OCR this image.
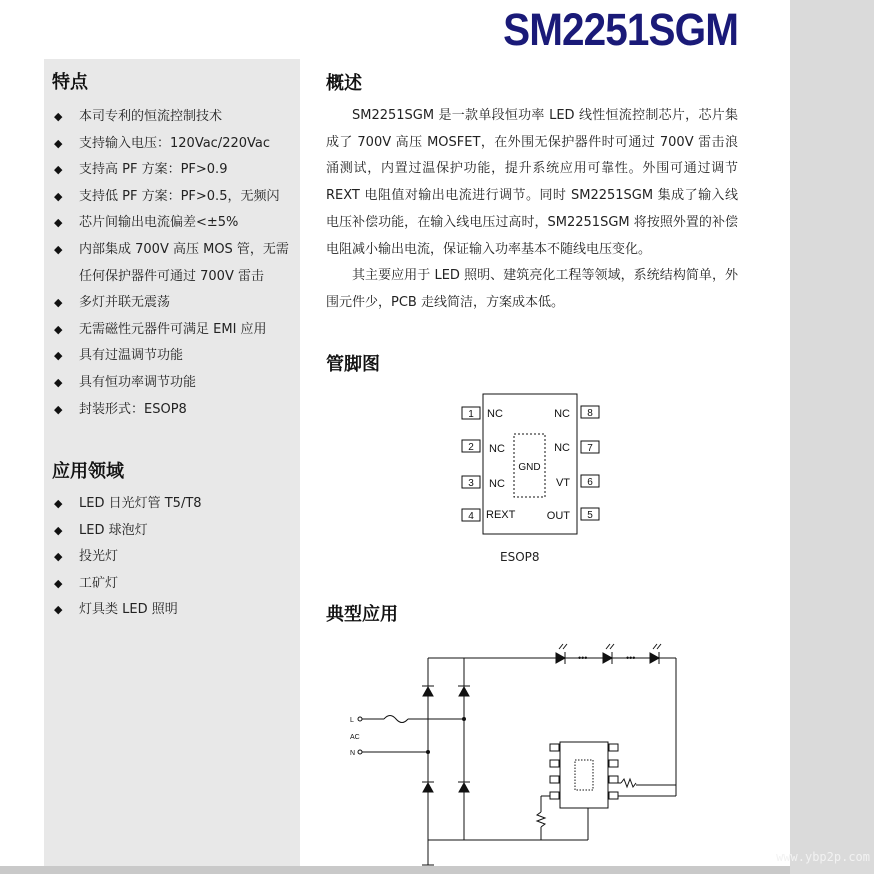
SM2251SGM
特点
◆ 本司专利的恒流控制技术
◆ 支持输入电压：120Vac/220Vac
◆ 支持高 PF 方案：PF>0.9
◆ 支持低 PF 方案：PF>0.5，无频闪
◆ 芯片间输出电流偏差<±5%
◆ 内部集成 700V 高压 MOS 管，无需任何保护器件可通过 700V 雷击
◆ 多灯并联无震荡
◆ 无需磁性元器件可满足 EMI 应用
◆ 具有过温调节功能
◆ 具有恒功率调节功能
◆ 封装形式：ESOP8
应用领域
◆ LED 日光灯管 T5/T8
◆ LED 球泡灯
◆ 投光灯
◆ 工矿灯
◆ 灯具类 LED 照明
概述

SM2251SGM 是一款单段恒功率 LED 线性恒流控制芯片，芯片集成了 700V 高压 MOSFET，在外围无保护器件时可通过 700V 雷击浪涌测试，内置过温保护功能，提升系统应用可靠性。外围可通过调节 REXT 电阻值对输出电流进行调节。同时 SM2251SGM 集成了输入线电压补偿功能，在输入线电压过高时，SM2251SGM 将按照外置的补偿电阻减小输出电流，保证输入功率基本不随线电压变化。

其主要应用于 LED 照明、建筑亮化工程等领域，系统结构简单，外围元件少，PCB 走线简洁，方案成本低。

管脚图
GND
1 NC
2 NC
3 NC
4 REXT
8
NC
7
NC
6
VT
5
OUT
ESOP8
典型应用
L
AC
N
•••	•••
www.ybp2p.com
